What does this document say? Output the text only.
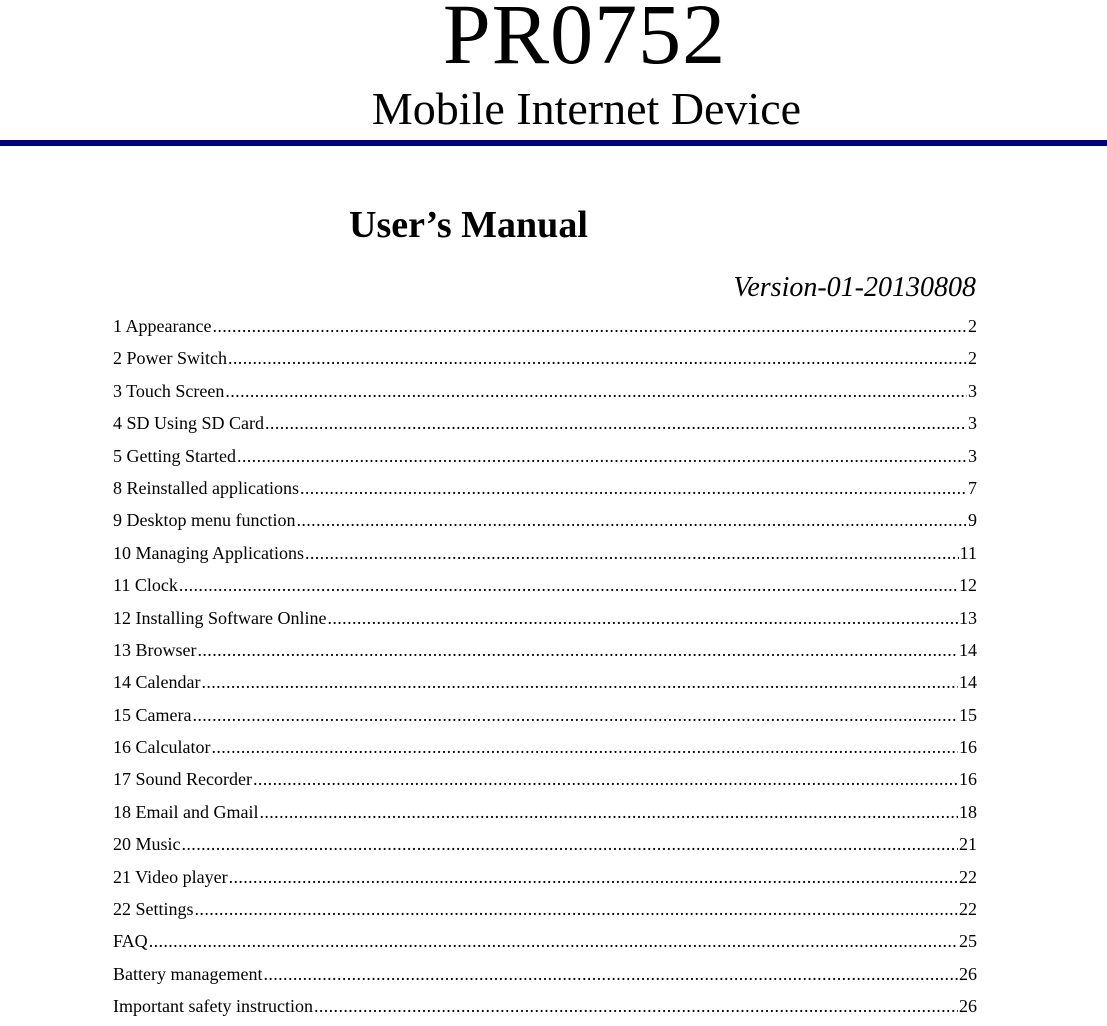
PR0752
Mobile Internet Device
User’s Manual
Version-01-20130808
1 Appearance .....	2
2 Power Switch .....	2
3 Touch Screen .....	3
4 SD Using SD Card .....	3
5 Getting Started .....	3
8 Reinstalled applications .....	7
9 Desktop menu function .....	9
10 Managing Applications .....	11
11 Clock .....	12
12 Installing Software Online .....	13
13 Browser .....	14
14 Calendar .....	14
15 Camera .....	15
16 Calculator .....	16
17 Sound Recorder .....	16
18 Email and Gmail .....	18
20 Music .....	21
21 Video player .....	22
22 Settings .....	22
FAQ .....	25
Battery management .....	26
Important safety instruction .....	26
